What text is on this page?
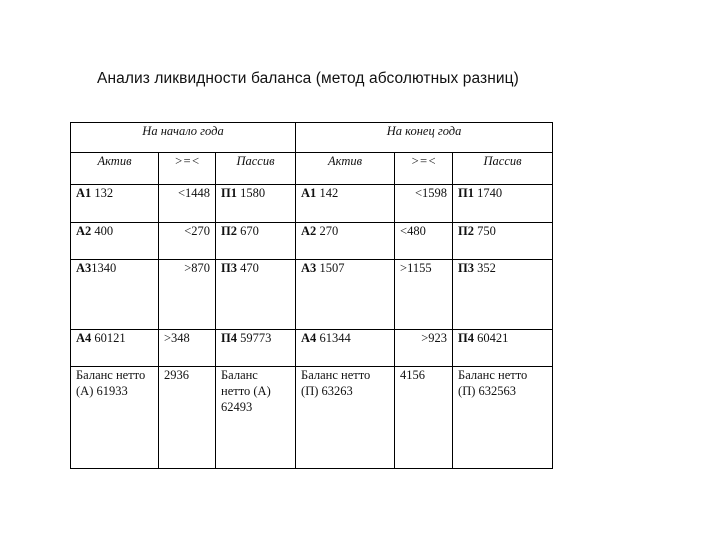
Анализ ликвидности баланса (метод абсолютных разниц)
На начало года			На конец года		
Актив	>=<	Пассив	Актив	>=<	Пассив
А1 132	<1448	П1 1580	А1 142	<1598	П1 1740
А2 400	<270	П2 670	А2 270	<480	П2 750
А31340	>870	П3 470	А3 1507	>1155	П3 352
А4 60121	>348	П4 59773	А4 61344	>923	П4 60421
Баланс нетто (А) 61933	2936	Баланс нетто (А) 62493	Баланс нетто (П) 63263	4156	Баланс нетто (П) 632563
